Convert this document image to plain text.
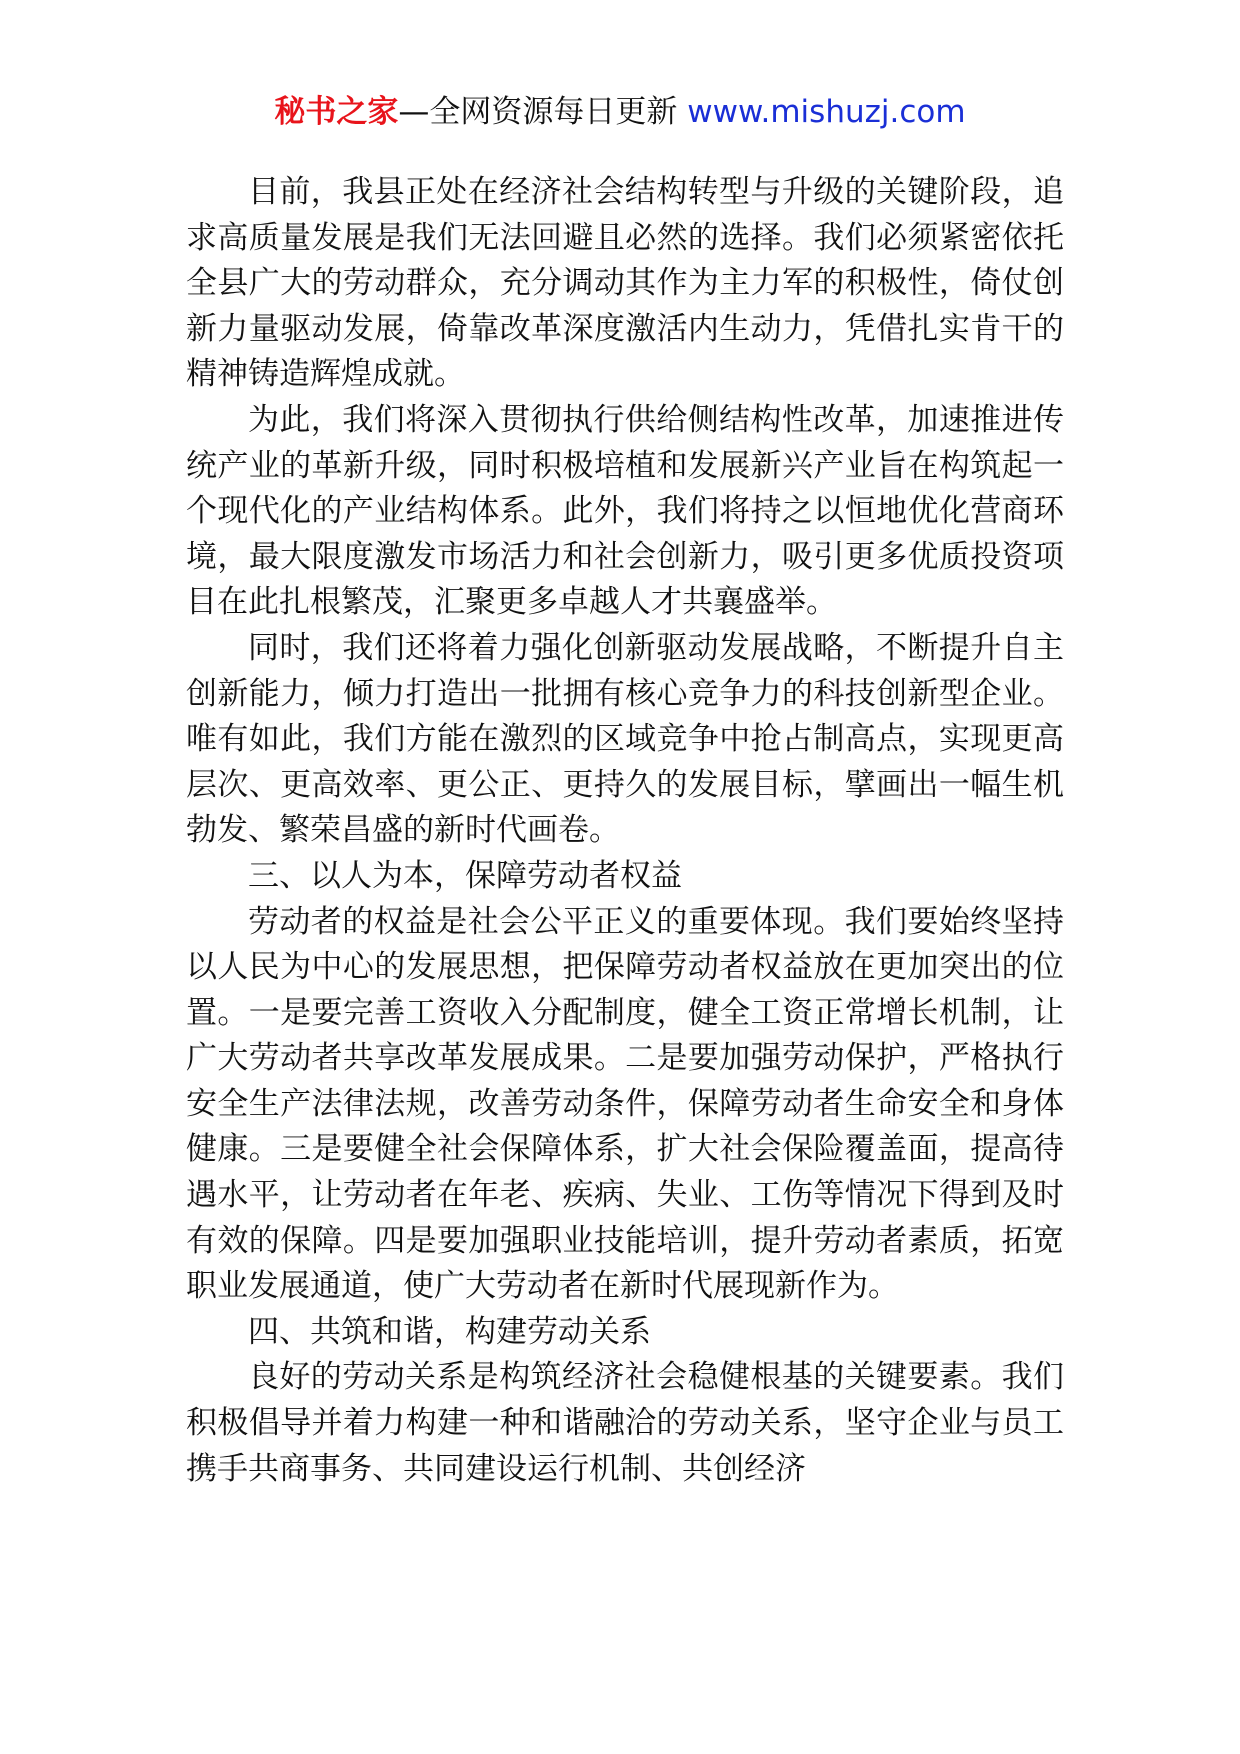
秘书之家—全网资源每日更新 www.mishuzj.com

目前，我县正处在经济社会结构转型与升级的关键阶段，追求高质量发展是我们无法回避且必然的选择。我们必须紧密依托全县广大的劳动群众，充分调动其作为主力军的积极性，倚仗创新力量驱动发展，倚靠改革深度激活内生动力，凭借扎实肯干的精神铸造辉煌成就。

为此，我们将深入贯彻执行供给侧结构性改革，加速推进传统产业的革新升级，同时积极培植和发展新兴产业旨在构筑起一个现代化的产业结构体系。此外，我们将持之以恒地优化营商环境，最大限度激发市场活力和社会创新力，吸引更多优质投资项目在此扎根繁茂，汇聚更多卓越人才共襄盛举。

同时，我们还将着力强化创新驱动发展战略，不断提升自主创新能力，倾力打造出一批拥有核心竞争力的科技创新型企业。唯有如此，我们方能在激烈的区域竞争中抢占制高点，实现更高层次、更高效率、更公正、更持久的发展目标，擘画出一幅生机勃发、繁荣昌盛的新时代画卷。

三、以人为本，保障劳动者权益

劳动者的权益是社会公平正义的重要体现。我们要始终坚持以人民为中心的发展思想，把保障劳动者权益放在更加突出的位置。一是要完善工资收入分配制度，健全工资正常增长机制，让广大劳动者共享改革发展成果。二是要加强劳动保护，严格执行安全生产法律法规，改善劳动条件，保障劳动者生命安全和身体健康。三是要健全社会保障体系，扩大社会保险覆盖面，提高待遇水平，让劳动者在年老、疾病、失业、工伤等情况下得到及时有效的保障。四是要加强职业技能培训，提升劳动者素质，拓宽职业发展通道，使广大劳动者在新时代展现新作为。

四、共筑和谐，构建劳动关系

良好的劳动关系是构筑经济社会稳健根基的关键要素。我们积极倡导并着力构建一种和谐融洽的劳动关系，坚守企业与员工携手共商事务、共同建设运行机制、共创经济
